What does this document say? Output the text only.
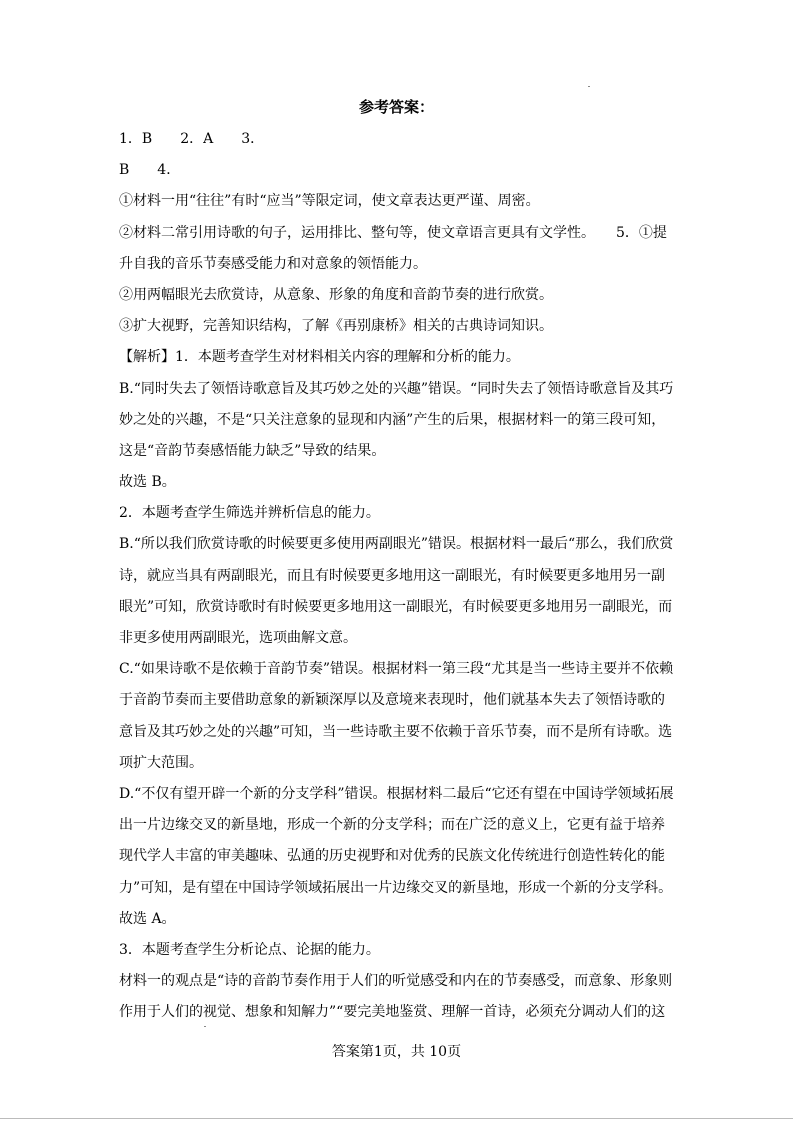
参考答案：
1．B　　2．A　　3．
B　　4．
①材料一用“往往”有时“应当”等限定词，使文章表达更严谨、周密。
②材料二常引用诗歌的句子，运用排比、整句等，使文章语言更具有文学性。　　5．①提
升自我的音乐节奏感受能力和对意象的领悟能力。
②用两幅眼光去欣赏诗，从意象、形象的角度和音韵节奏的进行欣赏。
③扩大视野，完善知识结构，了解《再别康桥》相关的古典诗词知识。
【解析】1．本题考查学生对材料相关内容的理解和分析的能力。
B.“同时失去了领悟诗歌意旨及其巧妙之处的兴趣”错误。“同时失去了领悟诗歌意旨及其巧
妙之处的兴趣，不是“只关注意象的显现和内涵”产生的后果，根据材料一的第三段可知，
这是“音韵节奏感悟能力缺乏”导致的结果。
故选 B。
2．本题考查学生筛选并辨析信息的能力。
B.“所以我们欣赏诗歌的时候要更多使用两副眼光”错误。根据材料一最后“那么，我们欣赏
诗，就应当具有两副眼光，而且有时候要更多地用这一副眼光，有时候要更多地用另一副
眼光”可知，欣赏诗歌时有时候要更多地用这一副眼光，有时候要更多地用另一副眼光，而
非更多使用两副眼光，选项曲解文意。
C.“如果诗歌不是依赖于音韵节奏”错误。根据材料一第三段“尤其是当一些诗主要并不依赖
于音韵节奏而主要借助意象的新颖深厚以及意境来表现时，他们就基本失去了领悟诗歌的
意旨及其巧妙之处的兴趣”可知，当一些诗歌主要不依赖于音乐节奏，而不是所有诗歌。选
项扩大范围。
D.“不仅有望开辟一个新的分支学科”错误。根据材料二最后“它还有望在中国诗学领域拓展
出一片边缘交叉的新垦地，形成一个新的分支学科；而在广泛的意义上，它更有益于培养
现代学人丰富的审美趣味、弘通的历史视野和对优秀的民族文化传统进行创造性转化的能
力”可知，是有望在中国诗学领域拓展出一片边缘交叉的新垦地，形成一个新的分支学科。
故选 A。
3．本题考查学生分析论点、论据的能力。
材料一的观点是“诗的音韵节奏作用于人们的听觉感受和内在的节奏感受，而意象、形象则
作用于人们的视觉、想象和知解力”“要完美地鉴赏、理解一首诗，必须充分调动人们的这
答案第1页，共 10页
